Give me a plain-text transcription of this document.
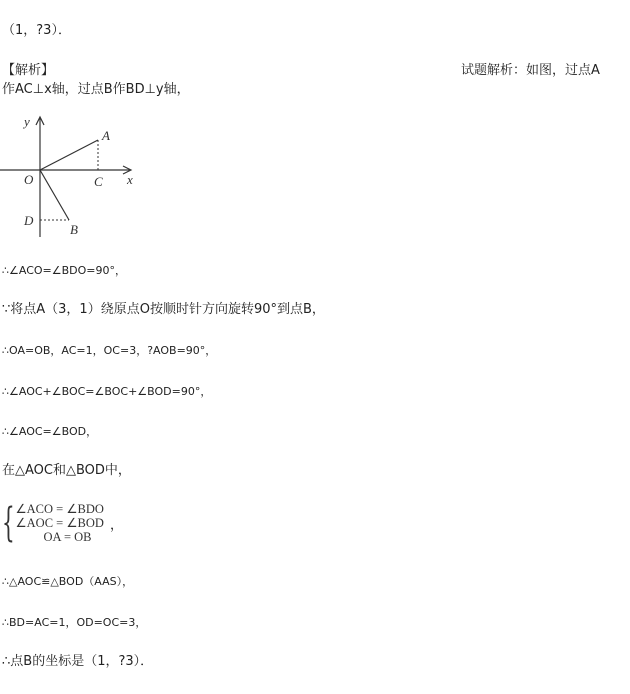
（1，?3）．
【解析】	试题解析：如图，过点A
作AC⊥x轴，过点B作BD⊥y轴，
y
x
O
A
C
D
B
∴∠ACO=∠BDO=90°，
∵将点A（3，1）绕原点O按顺时针方向旋转90°到点B，
∴OA=OB，AC=1，OC=3，?AOB=90°，
∴∠AOC+∠BOC=∠BOC+∠BOD=90°，
∴∠AOC=∠BOD，
在△AOC和△BOD中，
{ ∠ACO = ∠BDO
∠AOC = ∠BOD
OA = OB
，
∴△AOC≌△BOD（AAS），
∴BD=AC=1，OD=OC=3，
∴点B的坐标是（1，?3）．
